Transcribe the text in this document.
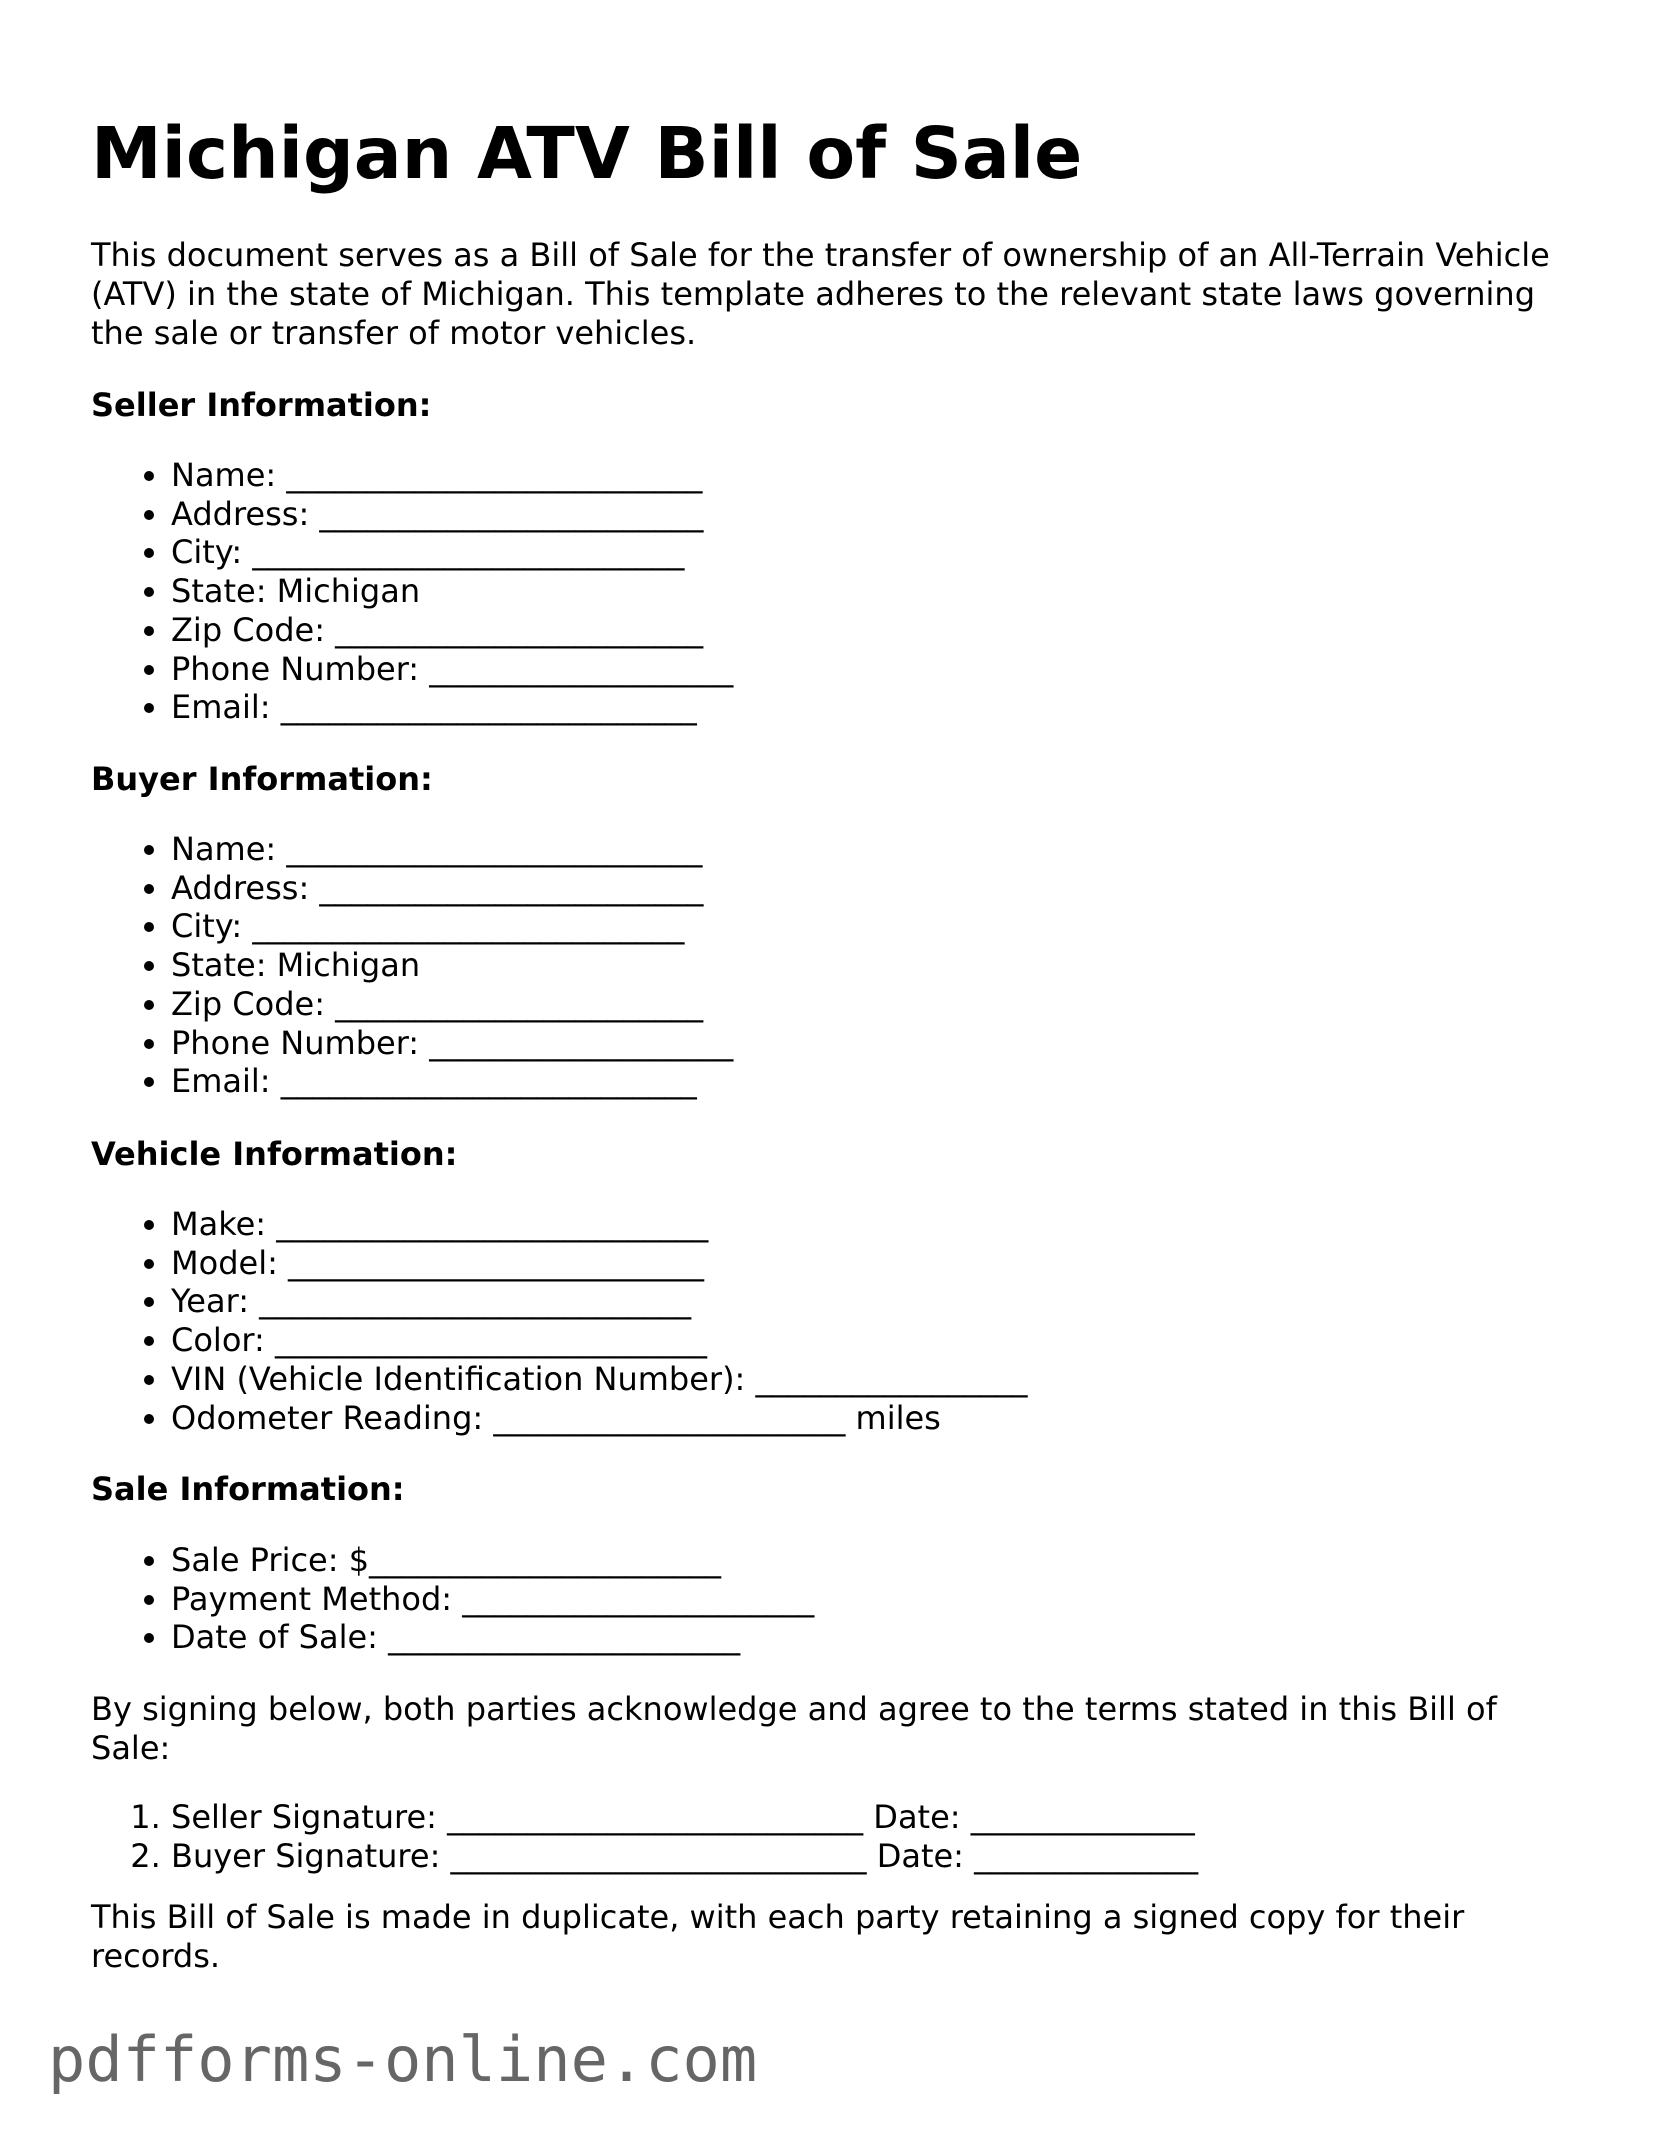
Michigan ATV Bill of Sale

This document serves as a Bill of Sale for the transfer of ownership of an All-Terrain Vehicle (ATV) in the state of Michigan. This template adheres to the relevant state laws governing the sale or transfer of motor vehicles.

Seller Information:

• Name: __________________________
• Address: ________________________
• City: ___________________________
• State: Michigan
• Zip Code: _______________________
• Phone Number: ___________________
• Email: __________________________

Buyer Information:

• Name: __________________________
• Address: ________________________
• City: ___________________________
• State: Michigan
• Zip Code: _______________________
• Phone Number: ___________________
• Email: __________________________

Vehicle Information:

• Make: ___________________________
• Model: __________________________
• Year: ___________________________
• Color: ___________________________
• VIN (Vehicle Identification Number): _________________
• Odometer Reading: ______________________ miles

Sale Information:

• Sale Price: $______________________
• Payment Method: ______________________
• Date of Sale: ______________________

By signing below, both parties acknowledge and agree to the terms stated in this Bill of Sale:

1. Seller Signature: __________________________ Date: ______________
2. Buyer Signature: __________________________ Date: ______________

This Bill of Sale is made in duplicate, with each party retaining a signed copy for their records.

pdfforms-online.com
